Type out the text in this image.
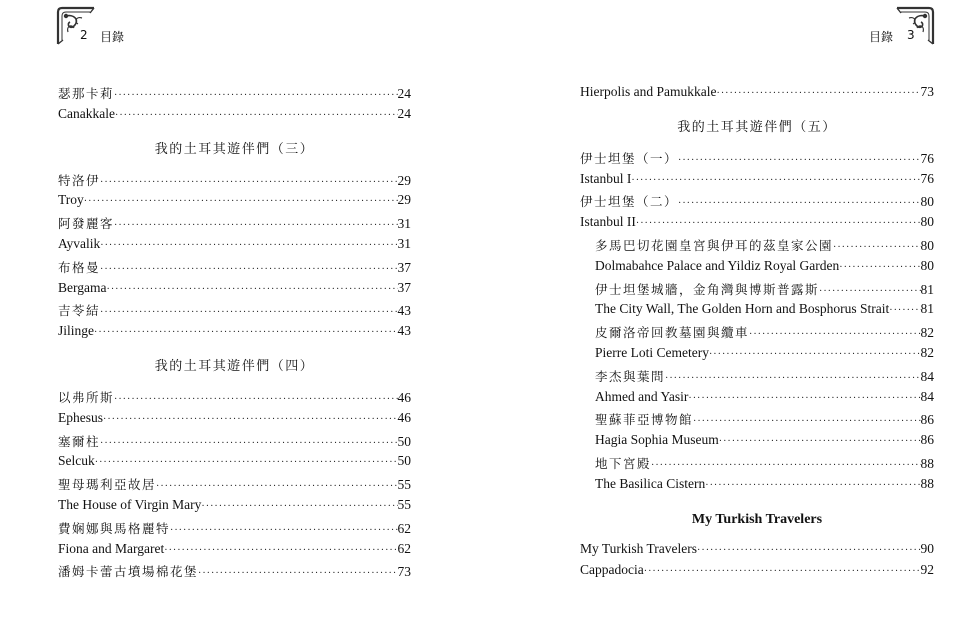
2 目錄
瑟那卡莉 ·····	24
Canakkale ·····	24
我的土耳其遊伴們（三）
特洛伊 ·····	29
Troy ·····	29
阿發麗客 ·····	31
Ayvalik ·····	31
布格曼 ·····	37
Bergama ·····	37
吉苓結 ·····	43
Jilinge ·····	43
我的土耳其遊伴們（四）
以弗所斯 ·····	46
Ephesus ·····	46
塞爾柱 ·····	50
Selcuk ·····	50
聖母瑪利亞故居 ·····	55
The House of Virgin Mary ·····	55
費娴娜與馬格麗特 ·····	62
Fiona and Margaret ·····	62
潘姆卡蕾古墳場棉花堡 ·····	73
目錄 3
Hierpolis and Pamukkale ·····	73
我的土耳其遊伴們（五）
伊士坦堡（一） ·····	76
Istanbul I ·····	76
伊士坦堡（二） ·····	80
Istanbul II ·····	80
多馬巴切花園皇宮與伊耳的茲皇家公園 ·····	80
Dolmabahce Palace and Yildiz Royal Garden ·····	80
伊士坦堡城牆，金角灣與博斯普露斯 ·····	81
The City Wall, The Golden Horn and Bosphorus Strait ····· 81
皮爾洛帝回教墓園與纜車 ·····	82
Pierre Loti Cemetery ·····	82
李杰與葉問 ·····	84
Ahmed and Yasir ·····	84
聖蘇菲亞博物館 ·····	86
Hagia Sophia Museum ·····	86
地下宮殿 ·····	88
The Basilica Cistern ·····	88
My Turkish Travelers
My Turkish Travelers ·····	90
Cappadocia ·····	92
